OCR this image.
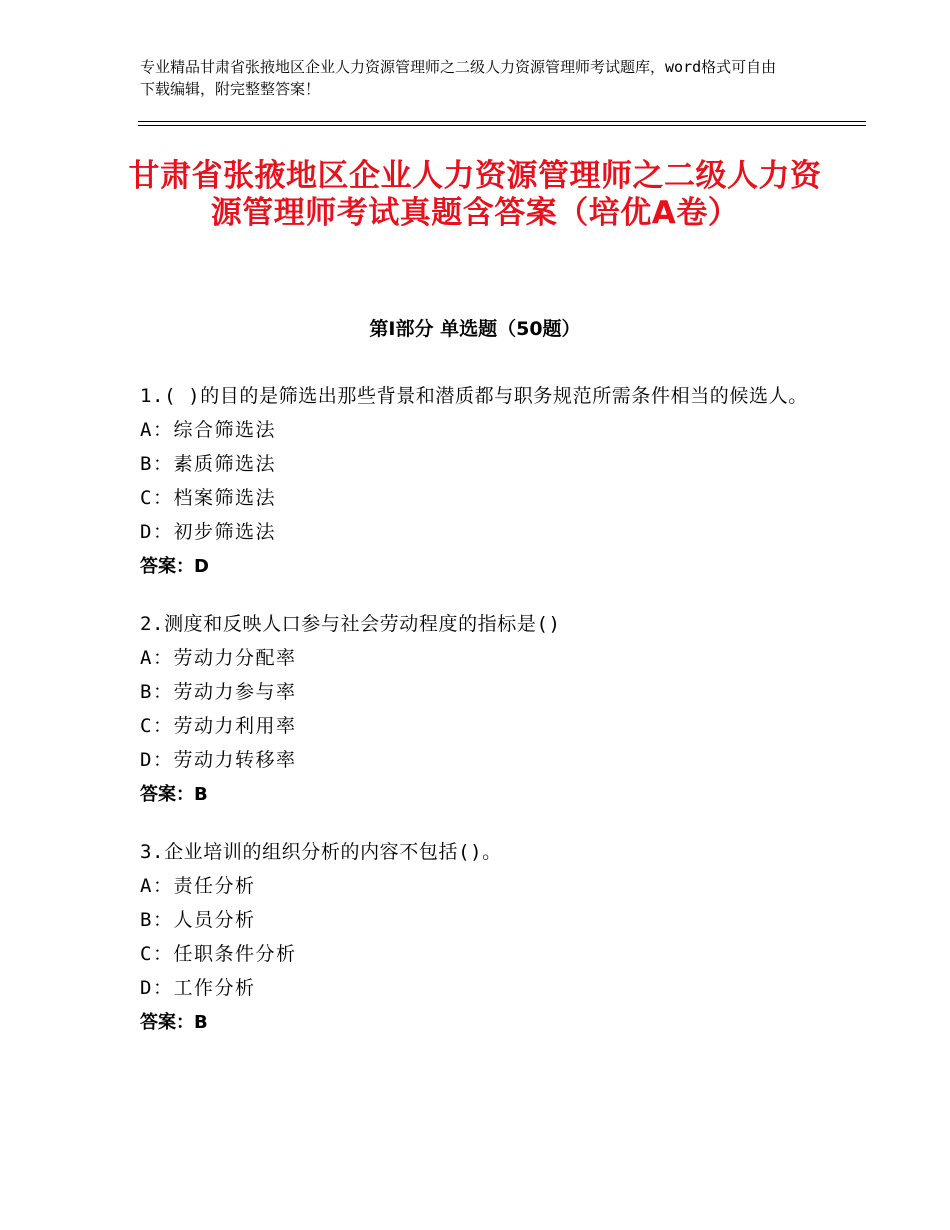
专业精品甘肃省张掖地区企业人力资源管理师之二级人力资源管理师考试题库，word格式可自由下载编辑，附完整整答案！
甘肃省张掖地区企业人力资源管理师之二级人力资源管理师考试真题含答案（培优A卷）
第Ⅰ部分 单选题（50题）
1.( )的目的是筛选出那些背景和潜质都与职务规范所需条件相当的候选人。
A：综合筛选法
B：素质筛选法
C：档案筛选法
D：初步筛选法
答案：D
2.测度和反映人口参与社会劳动程度的指标是()
A：劳动力分配率
B：劳动力参与率
C：劳动力利用率
D：劳动力转移率
答案：B
3.企业培训的组织分析的内容不包括()。
A：责任分析
B：人员分析
C：任职条件分析
D：工作分析
答案：B
